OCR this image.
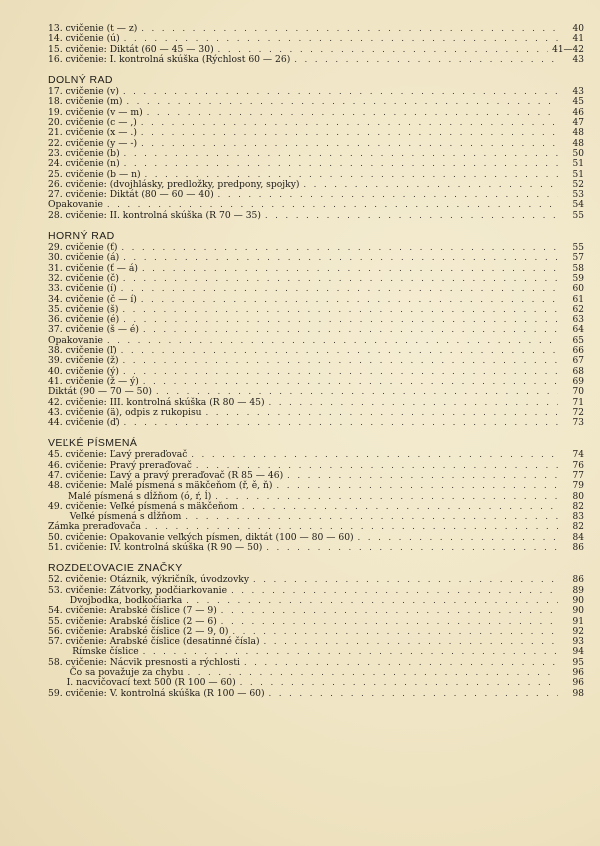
13. cvičenie (t — z) . . .	40
14. cvičenie (ú) . . .	41
15. cvičenie: Diktát (60 — 45 — 30) . . .	41—42
16. cvičenie: I. kontrolná skúška (Rýchlost 60 — 26) . . .	43
DOLNÝ RAD
17. cvičenie (v) . . .	43
18. cvičenie (m) . . .	45
19. cvičenie (v — m) . . .	46
20. cvičenie (c — ,) . . .	47
21. cvičenie (x — .) . . .	48
22. cvičenie (y — -) . . .	48
23. cvičenie (b) . . .	50
24. cvičenie (n) . . .	51
25. cvičenie (b — n) . . .	51
26. cvičenie: (dvojhlásky, predložky, predpony, spojky) . . .	52
27. cvičenie: Diktát (80 — 60 — 40) . . .	53
Opakovanie . . .	54
28. cvičenie: II. kontrolná skúška (R 70 — 35) . . .	55
HORNÝ RAD
29. cvičenie (ť) . . .	55
30. cvičenie (á) . . .	57
31. cvičenie (ť — á) . . .	58
32. cvičenie (č) . . .	59
33. cvičenie (í) . . .	60
34. cvičenie (č — í) . . .	61
35. cvičenie (š) . . .	62
36. cvičenie (é) . . .	63
37. cvičenie (š — é) . . .	64
Opakovanie . . .	65
38. cvičenie (ľ) . . .	66
39. cvičenie (ž) . . .	67
40. cvičenie (ý) . . .	68
41. cvičenie (ž — ý) . . .	69
Diktát (90 — 70 — 50) . . .	70
42. cvičenie: III. kontrolná skúška (R 80 — 45) . . .	71
43. cvičenie (ä), odpis z rukopisu . . .	72
44. cvičenie (ď) . . .	73
VEĽKÉ PÍSMENÁ
45. cvičenie: Ľavý preraďovač . . .	74
46. cvičenie: Pravý preraďovač . . .	76
47. cvičenie: Ľavý a pravý preraďovač (R 85 — 46) . . .	77
48. cvičenie: Malé písmená s mäkčeňom (ř, ě, ň) . . .	79
Malé písmená s dĺžňom (ó, ŕ, ĺ) . . .	80
49. cvičenie: Veľké písmená s mäkčeňom . . .	82
Veľké písmená s dĺžňom . . .	83
Zámka preraďovača . . .	82
50. cvičenie: Opakovanie veľkých písmen, diktát (100 — 80 — 60) . . .	84
51. cvičenie: IV. kontrolná skúška (R 90 — 50) . . .	86
ROZDEĽOVACIE ZNAČKY
52. cvičenie: Otáznik, výkričník, úvodzovky . . .	86
53. cvičenie: Zátvorky, podčiarkovanie . . .	89
Dvojbodka, bodkočiarka . . .	90
54. cvičenie: Arabské číslice (7 — 9) . . .	90
55. cvičenie: Arabské číslice (2 — 6) . . .	91
56. cvičenie: Arabské číslice (2 — 9, 0) . . .	92
57. cvičenie: Arabské číslice (desatinné čísla) . . .	93
Rímske číslice . . .	94
58. cvičenie: Nácvik presnosti a rýchlosti . . .	95
Čo sa považuje za chybu . . .	96
I. nacvičovací text 500 (R 100 — 60) . . .	96
59. cvičenie: V. kontrolná skúška (R 100 — 60) . . .	98
